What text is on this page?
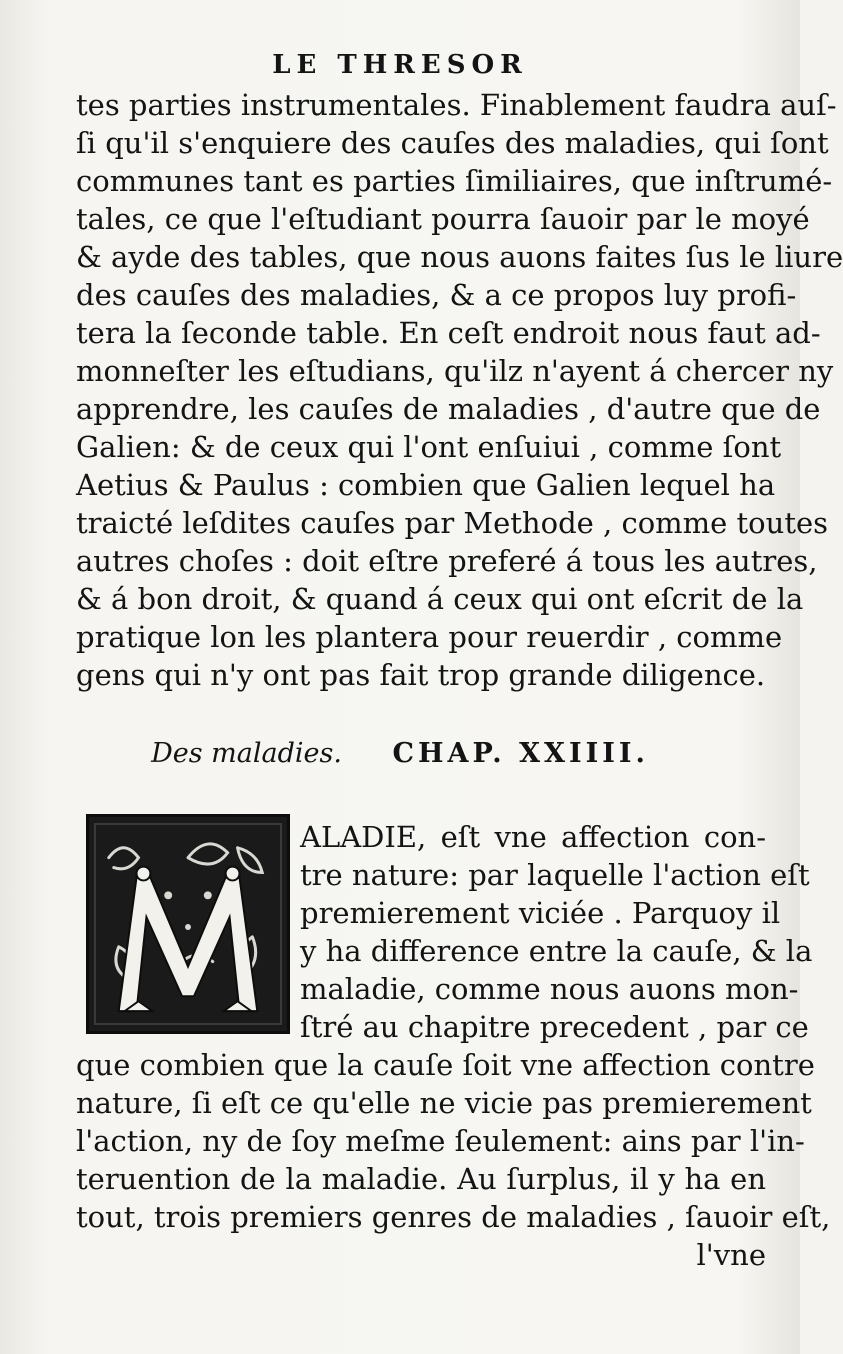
LE THRESOR
tes parties instrumentales. Finablement faudra auſ-
ſi qu'il s'enquiere des cauſes des maladies, qui ſont
communes tant es parties ſimiliaires, que inſtrumé-
tales, ce que l'eſtudiant pourra ſauoir par le moyé
& ayde des tables, que nous auons faites ſus le liure
des cauſes des maladies, & a ce propos luy profi-
tera la ſeconde table. En ceſt endroit nous faut ad-
monneſter les eſtudians, qu'ilz n'ayent á chercer ny
apprendre, les cauſes de maladies , d'autre que de
Galien: & de ceux qui l'ont enſuiui , comme ſont
Aetius & Paulus : combien que Galien lequel ha
traicté leſdites cauſes par Methode , comme toutes
autres choſes : doit eſtre preferé á tous les autres,
& á bon droit, & quand á ceux qui ont eſcrit de la
pratique lon les plantera pour reuerdir , comme
gens qui n'y ont pas fait trop grande diligence.
Des maladies. CHAP. XXIIII.
ALADIE, eſt vne affection con-
tre nature: par laquelle l'action eſt
premierement viciée . Parquoy il
y ha difference entre la cauſe, & la
maladie, comme nous auons mon-
ſtré au chapitre precedent , par ce
que combien que la cauſe ſoit vne affection contre
nature, ſi eſt ce qu'elle ne vicie pas premierement
l'action, ny de ſoy meſme ſeulement: ains par l'in-
teruention de la maladie. Au ſurplus, il y ha en
tout, trois premiers genres de maladies , ſauoir eſt,
l'vne
